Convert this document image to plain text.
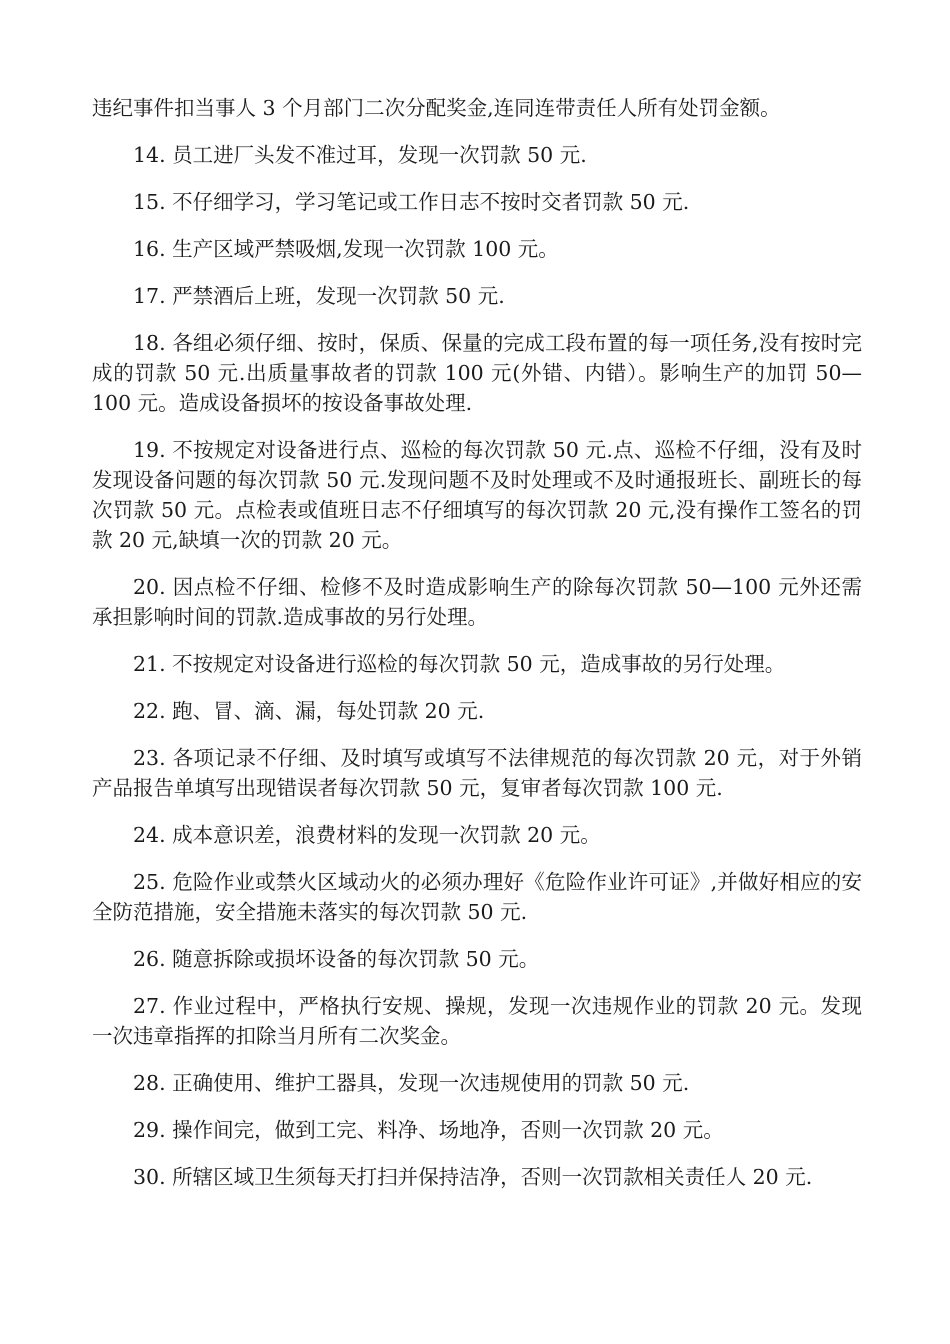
违纪事件扣当事人 3 个月部门二次分配奖金,连同连带责任人所有处罚金额。

14. 员工进厂头发不准过耳，发现一次罚款 50 元.

15. 不仔细学习，学习笔记或工作日志不按时交者罚款 50 元.

16. 生产区域严禁吸烟,发现一次罚款 100 元。

17. 严禁酒后上班，发现一次罚款 50 元.

18. 各组必须仔细、按时，保质、保量的完成工段布置的每一项任务,没有按时完成的罚款 50 元.出质量事故者的罚款 100 元(外错、内错）。影响生产的加罚 50—100 元。造成设备损坏的按设备事故处理.

19. 不按规定对设备进行点、巡检的每次罚款 50 元.点、巡检不仔细，没有及时发现设备问题的每次罚款 50 元.发现问题不及时处理或不及时通报班长、副班长的每次罚款 50 元。点检表或值班日志不仔细填写的每次罚款 20 元,没有操作工签名的罚款 20 元,缺填一次的罚款 20 元。

20. 因点检不仔细、检修不及时造成影响生产的除每次罚款 50—100 元外还需承担影响时间的罚款.造成事故的另行处理。

21. 不按规定对设备进行巡检的每次罚款 50 元，造成事故的另行处理。

22. 跑、冒、滴、漏，每处罚款 20 元.

23. 各项记录不仔细、及时填写或填写不法律规范的每次罚款 20 元，对于外销产品报告单填写出现错误者每次罚款 50 元，复审者每次罚款 100 元.

24. 成本意识差，浪费材料的发现一次罚款 20 元。

25. 危险作业或禁火区域动火的必须办理好《危险作业许可证》,并做好相应的安全防范措施，安全措施未落实的每次罚款 50 元.

26. 随意拆除或损坏设备的每次罚款 50 元。

27. 作业过程中，严格执行安规、操规，发现一次违规作业的罚款 20 元。发现一次违章指挥的扣除当月所有二次奖金。

28. 正确使用、维护工器具，发现一次违规使用的罚款 50 元.

29. 操作间完，做到工完、料净、场地净，否则一次罚款 20 元。

30. 所辖区域卫生须每天打扫并保持洁净，否则一次罚款相关责任人 20 元.
